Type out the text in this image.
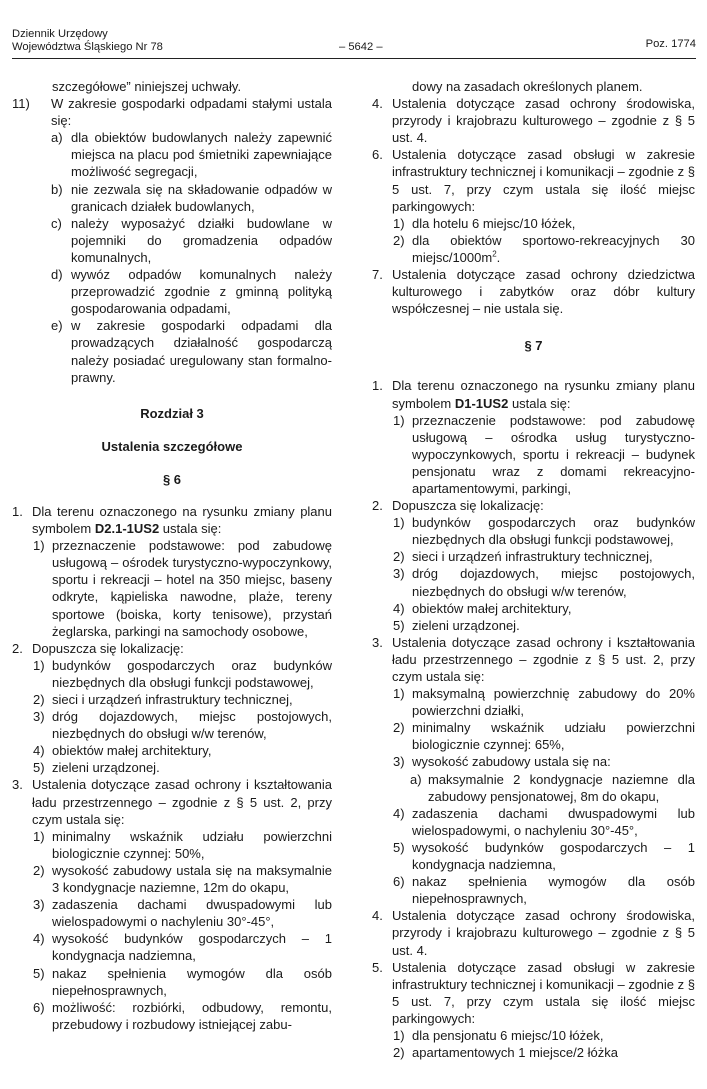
Dziennik Urzędowy
Województwa Śląskiego Nr 78	– 5642 –	Poz. 1774

szczegółowe” niniejszej uchwały.

11) W zakresie gospodarki odpadami stałymi ustala się:

a) dla obiektów budowlanych należy zapewnić miejsca na placu pod śmietniki zapewniające możliwość segregacji,

b) nie zezwala się na składowanie odpadów w granicach działek budowlanych,

c) należy wyposażyć działki budowlane w pojemniki do gromadzenia odpadów komunalnych,

d) wywóz odpadów komunalnych należy przeprowadzić zgodnie z gminną polityką gospodarowania odpadami,

e) w zakresie gospodarki odpadami dla prowadzących działalność gospodarczą należy posiadać uregulowany stan formalno-prawny.

Rozdział 3

Ustalenia szczegółowe

§ 6

1. Dla terenu oznaczonego na rysunku zmiany planu symbolem D2.1-1US2 ustala się:

1) przeznaczenie podstawowe: pod zabudowę usługową – ośrodek turystyczno-wypoczynkowy, sportu i rekreacji – hotel na 350 miejsc, baseny odkryte, kąpieliska nawodne, plaże, tereny sportowe (boiska, korty tenisowe), przystań żeglarska, parkingi na samochody osobowe,

2. Dopuszcza się lokalizację:

1) budynków gospodarczych oraz budynków niezbędnych dla obsługi funkcji podstawowej,

2) sieci i urządzeń infrastruktury technicznej,

3) dróg dojazdowych, miejsc postojowych, niezbędnych do obsługi w/w terenów,

4) obiektów małej architektury,

5) zieleni urządzonej.

3. Ustalenia dotyczące zasad ochrony i kształtowania ładu przestrzennego – zgodnie z § 5 ust. 2, przy czym ustala się:

1) minimalny wskaźnik udziału powierzchni biologicznie czynnej: 50%,

2) wysokość zabudowy ustala się na maksymalnie 3 kondygnacje naziemne, 12m do okapu,

3) zadaszenia dachami dwuspadowymi lub wielospadowymi o nachyleniu 30°-45°,

4) wysokość budynków gospodarczych – 1 kondygnacja nadziemna,

5) nakaz spełnienia wymogów dla osób niepełnosprawnych,

6) możliwość: rozbiórki, odbudowy, remontu, przebudowy i rozbudowy istniejącej zabu-

dowy na zasadach określonych planem.

4. Ustalenia dotyczące zasad ochrony środowiska, przyrody i krajobrazu kulturowego – zgodnie z § 5 ust. 4.

6. Ustalenia dotyczące zasad obsługi w zakresie infrastruktury technicznej i komunikacji – zgodnie z § 5 ust. 7, przy czym ustala się ilość miejsc parkingowych:

1) dla hotelu 6 miejsc/10 łóżek,

2) dla obiektów sportowo-rekreacyjnych 30 miejsc/$1000m^2$.

7. Ustalenia dotyczące zasad ochrony dziedzictwa kulturowego i zabytków oraz dóbr kultury współczesnej – nie ustala się.

§ 7

1. Dla terenu oznaczonego na rysunku zmiany planu symbolem D1-1US2 ustala się:

1) przeznaczenie podstawowe: pod zabudowę usługową – ośrodka usług turystyczno-wypoczynkowych, sportu i rekreacji – budynek pensjonatu wraz z domami rekreacyjno-apartamentowymi, parkingi,

2. Dopuszcza się lokalizację:

1) budynków gospodarczych oraz budynków niezbędnych dla obsługi funkcji podstawowej,

2) sieci i urządzeń infrastruktury technicznej,

3) dróg dojazdowych, miejsc postojowych, niezbędnych do obsługi w/w terenów,

4) obiektów małej architektury,

5) zieleni urządzonej.

3. Ustalenia dotyczące zasad ochrony i kształtowania ładu przestrzennego – zgodnie z § 5 ust. 2, przy czym ustala się:

1) maksymalną powierzchnię zabudowy do 20% powierzchni działki,

2) minimalny wskaźnik udziału powierzchni biologicznie czynnej: 65%,

3) wysokość zabudowy ustala się na:

a) maksymalnie 2 kondygnacje naziemne dla zabudowy pensjonatowej, 8m do okapu,

4) zadaszenia dachami dwuspadowymi lub wielospadowymi, o nachyleniu 30°-45°,

5) wysokość budynków gospodarczych – 1 kondygnacja nadziemna,

6) nakaz spełnienia wymogów dla osób niepełnosprawnych,

4. Ustalenia dotyczące zasad ochrony środowiska, przyrody i krajobrazu kulturowego – zgodnie z § 5 ust. 4.

5. Ustalenia dotyczące zasad obsługi w zakresie infrastruktury technicznej i komunikacji – zgodnie z § 5 ust. 7, przy czym ustala się ilość miejsc parkingowych:

1) dla pensjonatu 6 miejsc/10 łóżek,

2) apartamentowych 1 miejsce/2 łóżka
